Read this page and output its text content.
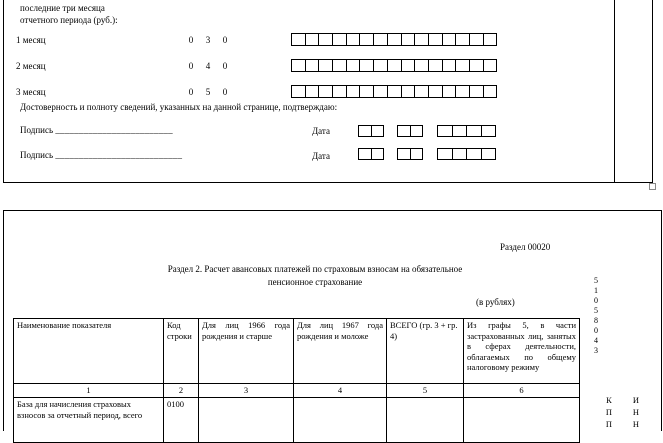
последние три месяца
отчетного периода (руб.):
1 месяц	0	3	0
2 месяц	0	4	0
3 месяц	0	5	0
Достоверность и полноту сведений, указанных на данной странице, подтверждаю:
Подпись _________________________	Дата
Подпись ___________________________	Дата
Раздел 00020
Раздел 2. Расчет авансовых платежей по страховым взносам на обязательное
пенсионное страхование
(в рублях)
5
1
0
5
8
0
4
3
К
П
П
И
Н
Н
Наименование показателя	Код строки	Для лиц 1966 года рождения и старше	Для лиц 1967 года рождения и моложе	ВСЕГО (гр. 3 + гр. 4)	Из графы 5, в части застрахованных лиц, занятых в сферах деятельности, облагаемых по общему налоговому режиму
1	2	3	4	5	6
База для начисления страховых взносов за отчетный период, всего	0100				
